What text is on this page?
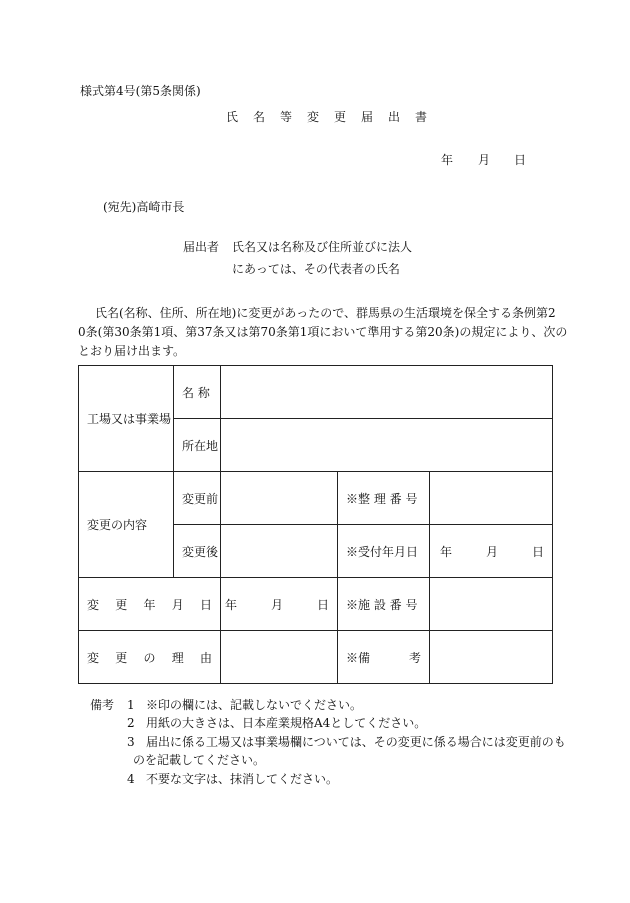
様式第4号(第5条関係)
氏名等変更届出書
年 月 日
(宛先)高崎市長
届出者 氏名又は名称及び住所並びに法人
にあっては、その代表者の氏名
氏名(名称、住所、所在地)に変更があったので、群馬県の生活環境を保全する条例第2
0条(第30条第1項、第37条又は第70条第1項において準用する第20条)の規定により、次の
とおり届け出ます。
工場又は事業場	名 称			
	所在地			
変更の内容	変更前		※整 理 番 号	
	変更後		※受付年月日	年 月 日

変 更 年 月 日		年 月 日	※施 設 番 号	

変 更 の 理 由			※備 考	

備考 1 ※印の欄には、記載しないでください。
2 用紙の大きさは、日本産業規格A4としてください。
3 届出に係る工場又は事業場欄については、その変更に係る場合には変更前のも
のを記載してください。
4 不要な文字は、抹消してください。
